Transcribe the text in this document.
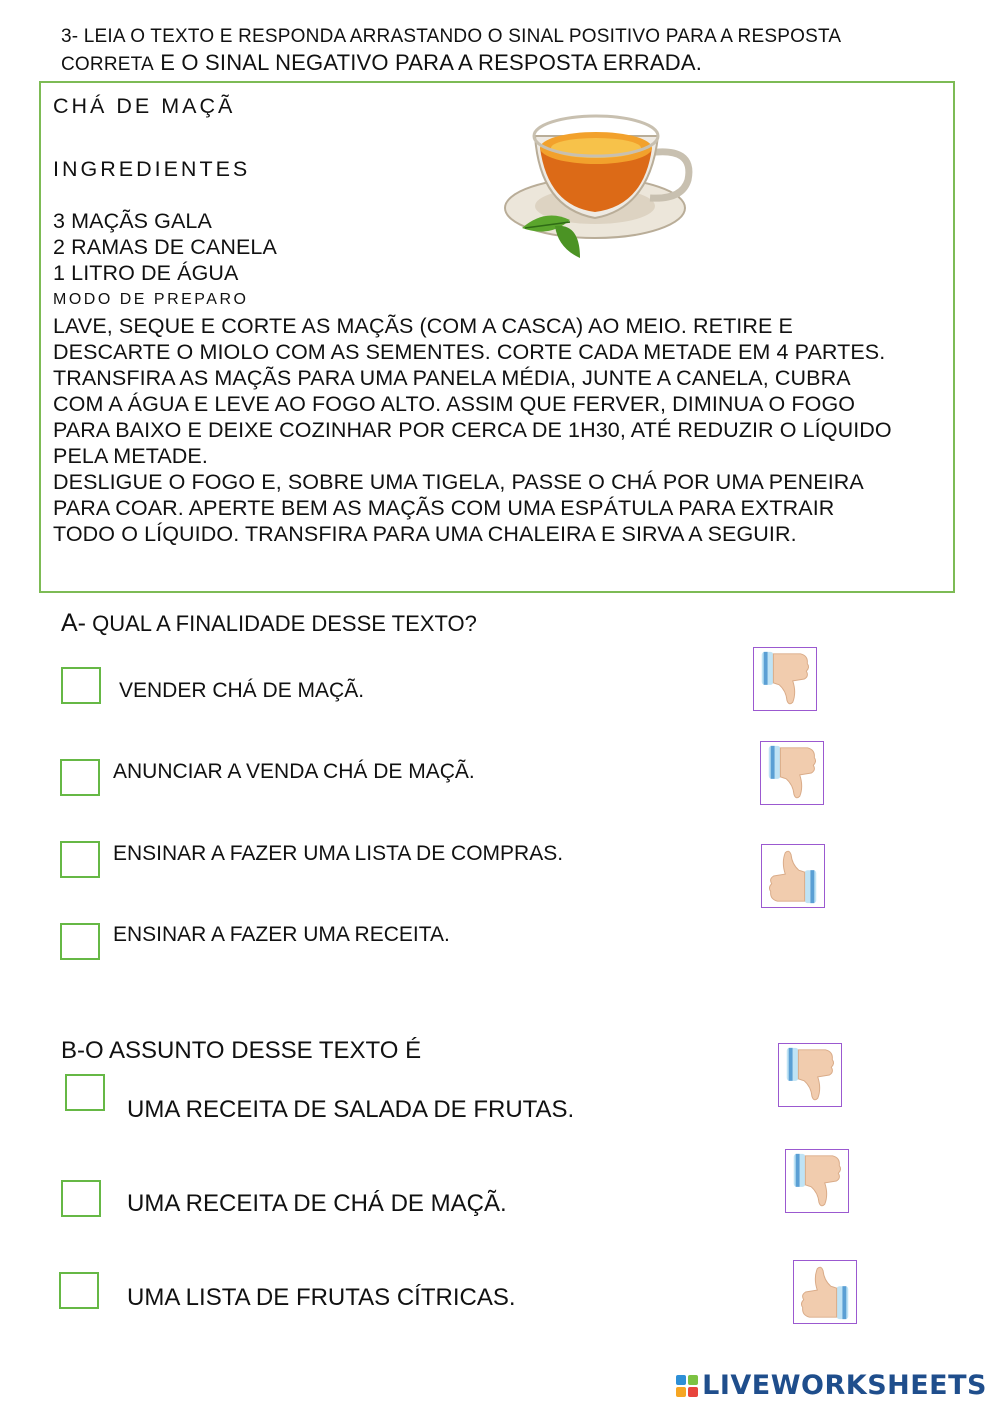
3- LEIA O TEXTO E RESPONDA ARRASTANDO O SINAL POSITIVO PARA A RESPOSTA
CORRETA E O SINAL NEGATIVO PARA A RESPOSTA ERRADA.
CHÁ DE MAÇÃ
INGREDIENTES
3 MAÇÃS GALA
2 RAMAS DE CANELA
1 LITRO DE ÁGUA
MODO DE PREPARO
LAVE, SEQUE E CORTE AS MAÇÃS (COM A CASCA) AO MEIO. RETIRE E
DESCARTE O MIOLO COM AS SEMENTES. CORTE CADA METADE EM 4 PARTES.
TRANSFIRA AS MAÇÃS PARA UMA PANELA MÉDIA, JUNTE A CANELA, CUBRA
COM A ÁGUA E LEVE AO FOGO ALTO. ASSIM QUE FERVER, DIMINUA O FOGO
PARA BAIXO E DEIXE COZINHAR POR CERCA DE 1H30, ATÉ REDUZIR O LÍQUIDO
PELA METADE.
DESLIGUE O FOGO E, SOBRE UMA TIGELA, PASSE O CHÁ POR UMA PENEIRA
PARA COAR. APERTE BEM AS MAÇÃS COM UMA ESPÁTULA PARA EXTRAIR
TODO O LÍQUIDO. TRANSFIRA PARA UMA CHALEIRA E SIRVA A SEGUIR.
A- QUAL A FINALIDADE DESSE TEXTO?
VENDER CHÁ DE MAÇÃ.
ANUNCIAR A VENDA CHÁ DE MAÇÃ.
ENSINAR A FAZER UMA LISTA DE COMPRAS.
ENSINAR A FAZER UMA RECEITA.
B-O ASSUNTO DESSE TEXTO É
UMA RECEITA DE SALADA DE FRUTAS.
UMA RECEITA DE CHÁ DE MAÇÃ.
UMA LISTA DE FRUTAS CÍTRICAS.
LIVEWORKSHEETS
